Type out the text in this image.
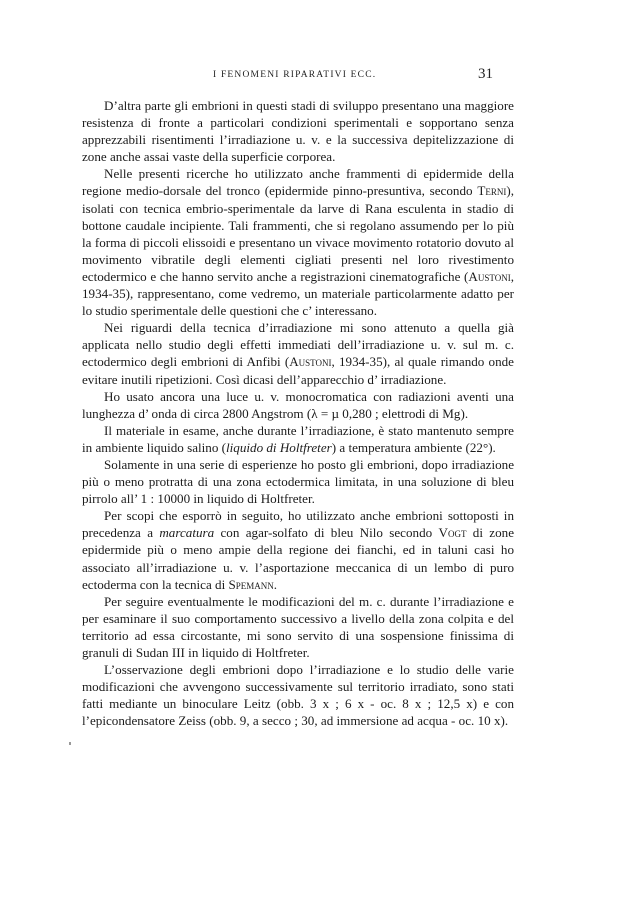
I FENOMENI RIPARATIVI ECC.	31

D’altra parte gli embrioni in questi stadi di sviluppo presentano una maggiore resistenza di fronte a particolari condizioni sperimentali e sopportano senza apprezzabili risentimenti l’irradiazione u. v. e la successiva depitelizzazione di zone anche assai vaste della superficie corporea.

Nelle presenti ricerche ho utilizzato anche frammenti di epidermide della regione medio-dorsale del tronco (epidermide pinno-presuntiva, secondo Terni), isolati con tecnica embrio-sperimentale da larve di Rana esculenta in stadio di bottone caudale incipiente. Tali frammenti, che si regolano assumendo per lo più la forma di piccoli elissoidi e presentano un vivace movimento rotatorio dovuto al movimento vibratile degli elementi cigliati presenti nel loro rivestimento ectodermico e che hanno servito anche a registrazioni cinematografiche (Austoni, 1934-35), rappresentano, come vedremo, un materiale particolarmente adatto per lo studio sperimentale delle questioni che c’ interessano.

Nei riguardi della tecnica d’irradiazione mi sono attenuto a quella già applicata nello studio degli effetti immediati dell’irradiazione u. v. sul m. c. ectodermico degli embrioni di Anfibi (Austoni, 1934-35), al quale rimando onde evitare inutili ripetizioni. Così dicasi dell’apparecchio d’ irradiazione.

Ho usato ancora una luce u. v. monocromatica con radiazioni aventi una lunghezza d’ onda di circa 2800 Angstrom (λ = µ 0,280 ; elettrodi di Mg).

Il materiale in esame, anche durante l’irradiazione, è stato mantenuto sempre in ambiente liquido salino (liquido di Holtfreter) a temperatura ambiente (22°).

Solamente in una serie di esperienze ho posto gli embrioni, dopo irradiazione più o meno protratta di una zona ectodermica limitata, in una soluzione di bleu pirrolo all’ 1 : 10000 in liquido di Holtfreter.

Per scopi che esporrò in seguito, ho utilizzato anche embrioni sottoposti in precedenza a marcatura con agar-solfato di bleu Nilo secondo Vogt di zone epidermide più o meno ampie della regione dei fianchi, ed in taluni casi ho associato all’irradiazione u. v. l’asportazione meccanica di un lembo di puro ectoderma con la tecnica di Spemann.

Per seguire eventualmente le modificazioni del m. c. durante l’irradiazione e per esaminare il suo comportamento successivo a livello della zona colpita e del territorio ad essa circostante, mi sono servito di una sospensione finissima di granuli di Sudan III in liquido di Holtfreter.

L’osservazione degli embrioni dopo l’irradiazione e lo studio delle varie modificazioni che avvengono successivamente sul territorio irradiato, sono stati fatti mediante un binoculare Leitz (obb. 3 x ; 6 x - oc. 8 x ; 12,5 x) e con l’epicondensatore Zeiss (obb. 9, a secco ; 30, ad immersione ad acqua - oc. 10 x).
